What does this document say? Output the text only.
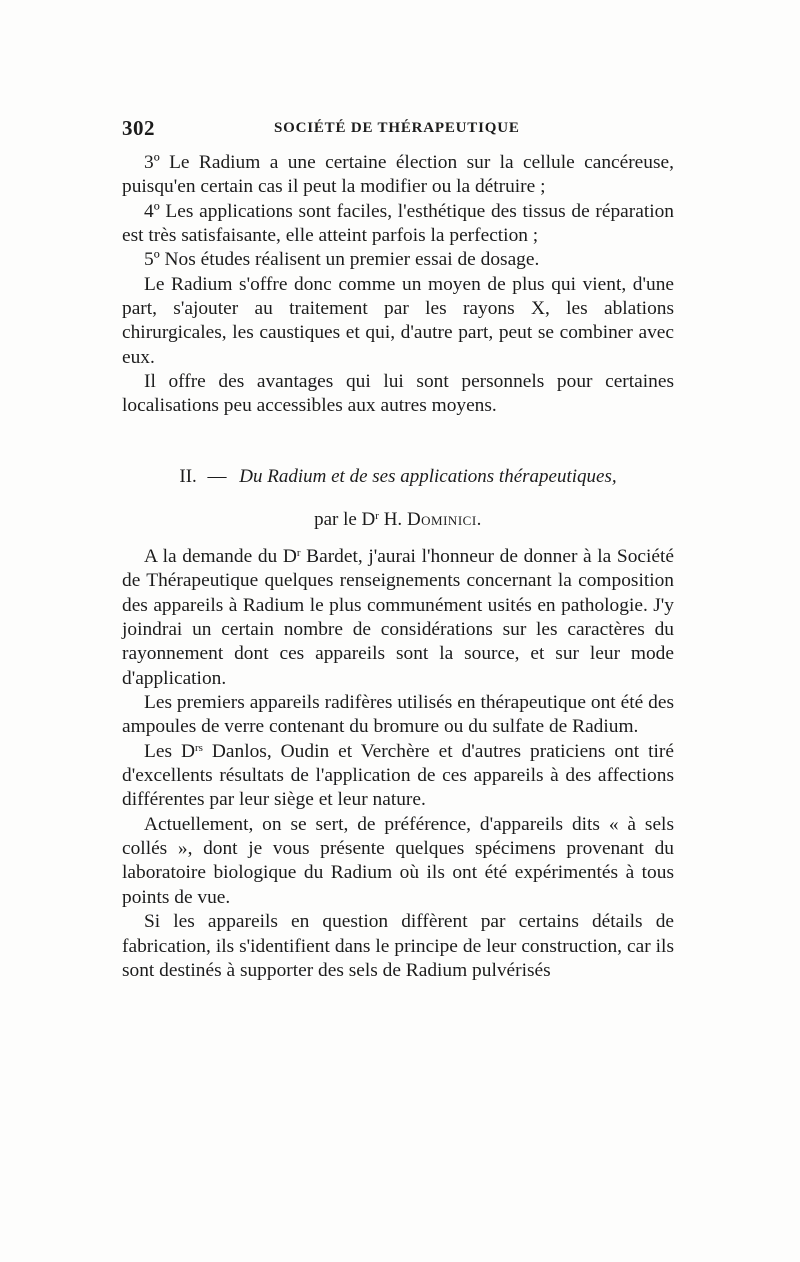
302	SOCIÉTÉ DE THÉRAPEUTIQUE

3º Le Radium a une certaine élection sur la cellule cancéreuse, puisqu'en certain cas il peut la modifier ou la détruire ;

4º Les applications sont faciles, l'esthétique des tissus de réparation est très satisfaisante, elle atteint parfois la perfection ;

5º Nos études réalisent un premier essai de dosage.

Le Radium s'offre donc comme un moyen de plus qui vient, d'une part, s'ajouter au traitement par les rayons X, les ablations chirurgicales, les caustiques et qui, d'autre part, peut se combiner avec eux.

Il offre des avantages qui lui sont personnels pour certaines localisations peu accessibles aux autres moyens.

II. — Du Radium et de ses applications thérapeutiques,
par le $D^r$ H. Dominici.

A la demande du $D^r$ Bardet, j'aurai l'honneur de donner à la Société de Thérapeutique quelques renseignements concernant la composition des appareils à Radium le plus communément usités en pathologie. J'y joindrai un certain nombre de considérations sur les caractères du rayonnement dont ces appareils sont la source, et sur leur mode d'application.

Les premiers appareils radifères utilisés en thérapeutique ont été des ampoules de verre contenant du bromure ou du sulfate de Radium.

Les $D^{rs}$ Danlos, Oudin et Verchère et d'autres praticiens ont tiré d'excellents résultats de l'application de ces appareils à des affections différentes par leur siège et leur nature.

Actuellement, on se sert, de préférence, d'appareils dits « à sels collés », dont je vous présente quelques spécimens provenant du laboratoire biologique du Radium où ils ont été expérimentés à tous points de vue.

Si les appareils en question diffèrent par certains détails de fabrication, ils s'identifient dans le principe de leur construction, car ils sont destinés à supporter des sels de Radium pulvérisés
